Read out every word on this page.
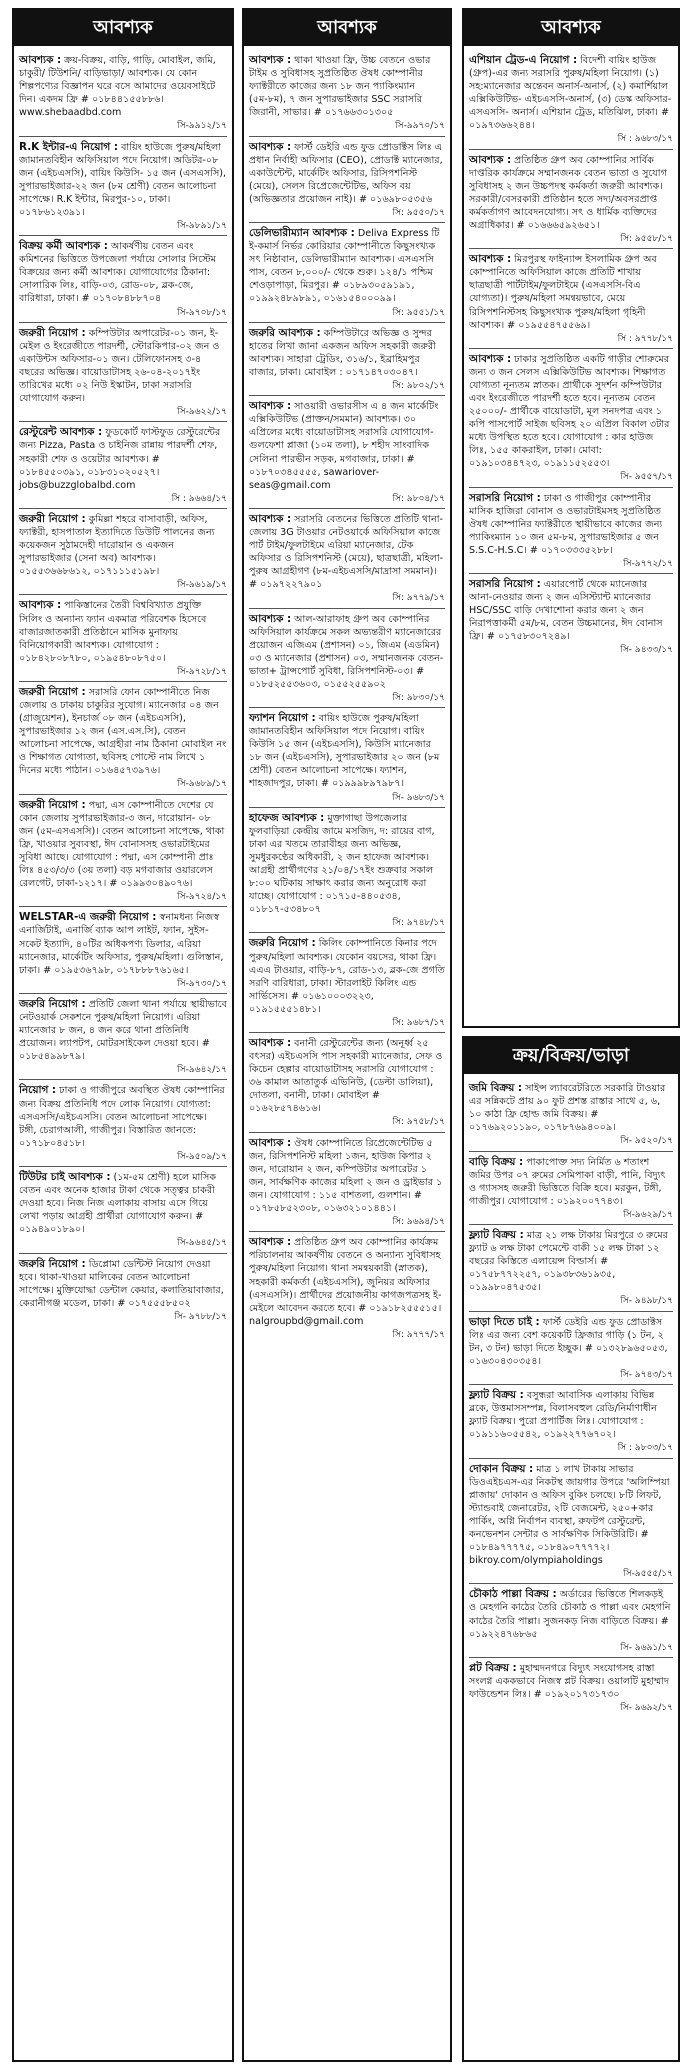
আবশ্যক
আবশ্যক : ক্রয়-বিক্রয়, বাড়ি, গাড়ি, মোবাইল, জমি, চাকুরী/ টিউশনি/ বাড়িভাড়া/ আবশ্যক। যে কোন শিল্পপণ্যের বিজ্ঞাপন ঘরে বসে আমাদের ওয়েবসাইটে দিন। একদম ফ্রি # ০১৮৪৪১৫৫৮৮৬। www.shebaadbd.com
সি-৯৯১২/১৭
R.K ইন্টার-এ নিয়োগ : বায়িং হাউজে পুরুষ/মহিলা জামানতবিহীন অফিসিয়াল পদে নিয়োগ। অডিটর-০৮ জন (এইচএসসি), বায়িং কিউসি- ১৫ জন (এসএসসি), সুপারভাইজার-২২ জন (৮ম শ্রেণী) বেতন আলোচনা সাপেক্ষে। R.K ইন্টার, মিরপুর-১০, ঢাকা। ০১৭৮৬১২৩৯১।
সি-৯৮৯১/১৭
বিক্রয় কর্মী আবশ্যক : আকর্ষণীয় বেতন এবং কমিশনের ভিত্তিতে উপজেলা পর্যায়ে সোলার সিস্টেম বিক্রয়ের জন্য কর্মী আবশ্যক। যোগাযোগের ঠিকানা: সোলারিক লিঃ, বাড়ি-০৩, রোড-০৮, ব্লক-জে, বারিধারা, ঢাকা। # ০১৭০৮৪৮৮৭০৪
সি-৯৭০৮/১৭
জরুরী নিয়োগ : কম্পিউটার অপারেটর-০১ জন, ই-মেইল ও ইংরেজীতে পারদর্শী, স্টোরকিপার-০২ জন ও একাউন্টস অফিসার-০১ জন। টেলিফোনসহ ৩-৪ বছরের অভিজ্ঞ। বায়োডাটাসহ ২৬-০৪-২০১৭ইং তারিখের মধ্যে ০২ নিউ ইস্কাটন, ঢাকা সরাসরি যোগাযোগ করুন।
সি-৯৬২২/১৭
রেস্টুরেন্ট আবশ্যক : ফুডকোর্ট ফাস্টফুড রেস্টুরেন্টের জন্য Pizza, Pasta ও চাইনিজ রান্নায় পারদর্শী শেফ, সহকারী শেফ ও ওয়েটার আবশ্যক। # ০১৮৪৫৫০৩৯১, ০১৮৩১০২০৫২৭। jobs@buzzglobalbd.com
সি : ৯৬৬৪/১৭
জরুরী নিয়োগ : কুমিল্লা শহরে বাসাবাড়ী, অফিস, ফ্যাক্টরী, হাসপাতাল ইত্যাদিতে ডিউটি পালনের জন্য কয়েকজন সুঠামদেহী দারোয়ান ও একজন সুপারভাইজার (সেনা অব) আবশ্যক। ০১৫৫৩৬৬৮৬১২, ০১৭১১১৫১৯৮।
সি-৯৬১৯/১৭
আবশ্যক : পাকিস্তানের তৈরী বিশ্ববিখ্যাত প্রযুক্তি সিলিং ও অন্যান্য ফ্যান একমাত্র পরিবেশক হিসেবে বাজারজাতকারী প্রতিষ্ঠানে মাসিক মুনাফায় বিনিয়োগকারী আবশ্যক। যোগাযোগ : ০১৮৪২৮০৮৭৮০, ০১৯৫৪৮০৮৭৫০।
সি-৯৭২৮/১৭
জরুরী নিয়োগ : সরাসরি ফোন কোম্পানীতে নিজ জেলায় ও ঢাকায় চাকুরির সুযোগ। ম্যানেজার ০৪ জন (গ্রাজুয়েশন), ইনচার্জ ০৮ জন (এইচএসসি), সুপারভাইজার ১২ জন (এস.এস.সি), বেতন আলোচনা সাপেক্ষে, আগ্রহীরা নাম ঠিকানা মোবাইল নং ও শিক্ষাগত যোগ্যতা, ছবিসহ পোস্টে নাম লিখে ১ দিনের মধ্যে পাঠান। ০১৬৪৫৭৩৯৭৬।
সি-৯৬৮৯/১৭
জরুরী নিয়োগ : পদ্মা, এস কোম্পানীতে দেশের যে কোন জেলায় সুপারভাইজার-৩ জন, দারোয়ান- ০৮ জন (৫ম-এসএসসি)। বেতন আলোচনা সাপেক্ষে, থাকা ফ্রি, খাওয়ার সুব্যবস্থা, ঈদ বোনাসসহ ওভারটাইমের সুবিধা আছে। যোগাযোগ : পদ্মা, এস কোম্পানী প্রাঃ লিঃ ৪৫৩/৩/৩ (৩য় তলা) বড় মগবাজার ওয়ারলেস রেলগেট, ঢাকা-১২১৭। # ০১৯৯৩০৪৯০৭৬।
সি-৯৭২৪/১৭
WELSTAR-এ জরুরী নিয়োগ : স্বনামধন্য নিজস্ব এনার্জিটাই, এনার্জি ব্যাক আপ লাইট, ফ্যান, সুইস-সকেট ইত্যাদি, ৪০টির অধিকপণ্য ডিলার, এরিয়া ম্যানেজার, মার্কেটিং অফিসার, পুরুষ/মহিলা। গুলিস্তান, ঢাকা। # ০১৯৫৩৬৭৯৮, ০১৭৮৮৮৭৬১৬৫।
সি-৯৭৩০/১৭
জরুরি নিয়োগ : প্রতিটি জেলা থানা পর্যায়ে স্থায়ীভাবে নেটওয়ার্ক সেকশনে পুরুষ/মহিলা নিয়োগ। এরিয়া ম্যানেজার ৮ জন, ৪ জন করে থানা প্রতিনিধি প্রয়োজন। ল্যাপটপ, মোটরসাইকেল দেওয়া হবে। # ০১৮৫৪৯৯৮৭৯।
সি-৯৬৪২/১৭
নিয়োগ : ঢাকা ও গাজীপুরে অবস্থিত ঔষধ কোম্পানির জন্য বিক্রয় প্রতিনিধি পদে লোক নিয়োগ। যোগ্যতা: এসএসসি/এইচএসসি। বেতন আলোচনা সাপেক্ষে। টঙ্গী, চেরাগআলী, গাজীপুর। বিস্তারিত জানতে: ০১৭১৮০৪৫১৮।
সি-৯৫০৯/১৭
টিউটর চাই আবশ্যক : (১ম-৫ম শ্রেণী) হলে মাসিক বেতন এবং অনেক হাজার টাকা থেকে সত্ত্বর চাকরী দেওয়া হবে। নিজ নিজ এলাকায় বাসায় এসে গিয়ে লেখা পড়ায় আগ্রহী প্রার্থীরা যোগাযোগ করুন। # ০১৯৪৯০১৮৯০।
সি-৯৬৪৫/১৭
জরুরি নিয়োগ : ডিপ্লোমা ডেন্টিস্ট নিয়োগ দেওয়া হবে। থাকা-খাওয়া মালিকের বেতন আলোচনা সাপেক্ষে। মুক্তিযোদ্ধা ডেন্টাল কেয়ার, কলাতিয়াবাজার, কেরানীগঞ্জ মডেল, ঢাকা। # ০১৭৫৫৫৮৫০২
সি- ৯৭৮৮/১৭
আবশ্যক
আবশ্যক : থাকা খাওয়া ফ্রি, উচ্চ বেতনে ওভার টাইম ও সুবিধাসহ সুপ্রতিষ্ঠিত ঔষধ কোম্পানীর ফ্যাক্টরীতে কাজের জন্য ১৮ জন প্যাকিংম্যান (৫ম-৮ম), ৭ জন সুপারভাইজার SSC সরাসরি জিরানী, সাভার। # ০১৭৬৬৩০১৩০৫
সি-৯৯৭০/১৭
আবশ্যক : ফার্স্ট ডেইরি এন্ড ফুড প্রোডাক্টস লিঃ এ প্রধান নির্বাহী অফিসার (CEO), প্রোডাক্ট ম্যানেজার, একাউন্টেন্ট, মার্কেটিং অফিসার, রিসিপশনিস্ট (মেয়ে), সেলস রিপ্রেজেন্টেটিভ, অফিস বয় (অভিজ্ঞতার প্রয়োজন নাই)। # ০১৬৯৮০৫৩৫৬
সি: ৯৫৫০/১৭
ডেলিভারীম্যান আবশ্যক : Deliva Express টি ই-কমার্স নির্ভর কোরিয়ার কোম্পানীতে কিছুসংখ্যক সৎ নিষ্ঠাবান, ডেলিভারীম্যান আবশ্যক। এসএসসি পাস, বেতন ৮,০০০/- থেকে শুরু। ১২৪/১ পশ্চিম শেওড়াপাড়া, মিরপুর। # ০১৮৯৩০৫৯১৯১, ০১৯৯২৪৮৯৮৯১, ০১৬১৫৪০০০৯৯।
সি: ৯৫৫১/১৭
জরুরি আবশ্যক : কম্পিউটারে অভিজ্ঞ ও সুন্দর হাতের লিখা জানা একজন অফিস সহকারী জরুরী আবশ্যক। সাহারা ট্রেডিং, ৩১৬/১, ইব্রাহিমপুর বাজার, ঢাকা। মোবাইল : ০১৭১৪৭০৩০৪৭।
সি: ৯৮০২/১৭
আবশ্যক : সাওয়ারী ওভারসীস এ ৪ জন মার্কেটিং এক্সিকিউটিভ (প্রাক্তন/সমমান) আবশ্যক। ৩০ এপ্রিলের মধ্যে বায়োডাটাসহ সরাসরি যোগাযোগ-গুলফেশা প্লাজা (১০ম তলা), ৮ শহীদ সাংবাদিক সেলিনা পারভীন সড়ক, মগবাজার, ঢাকা। # ০১৮৭০৩৪৫৫৫৫, sawariover-seas@gmail.com
সি: ৯৮০৪/১৭
আবশ্যক : সরাসরি বেতনের ভিত্তিতে প্রতিটি থানা-জেলায় 3G টাওয়ার নেটওয়ার্কে অফিসিয়াল কাজে পার্ট টাইম/ফুলটাইমে এরিয়া ম্যানেজার, টেক অফিসার ও রিসিপশনিস্ট (মেয়ে), ছাত্রছাত্রী, মহিলা-পুরুষ আগ্রহীগণ (৮ম-এইচএসসি/মাদ্রাসা সমমান)। # ০১৯৭২২৭৯০১
সি: ৯৭৭৯/১৭
আবশ্যক : আল-আরাফাহ গ্রুপ অব কোম্পানির অফিসিয়াল কার্যক্রমে সকল অভ্যন্তরীণ ম্যানেজারের প্রয়োজন এজিএম (প্রশাসন) ০১, জিএম (এডমিন) ০৩ ও ম্যানেজার (প্রশাসন) ০৩, সম্মানজনক বেতন-ভাতা+ ট্রান্সপোর্ট সুবিধা, রিসিপশনিস্ট-০৩। # ০১৮৫২৫৫৩৬০৩, ০১৫৫২৫৫৯০২
সি: ৯৮৩০/১৭
ফ্যাশন নিয়োগ : বায়িং হাউজে পুরুষ/মহিলা জামানতবিহীন অফিসিয়াল পদে নিয়োগ। বায়িং কিউসি ১৫ জন (এইচএসসি), কিউসি ম্যানেজার ১৮ জন (এইচএসসি), সুপারভাইজার ২০ জন (৮ম শ্রেণী) বেতন আলোচনা সাপেক্ষে। ফ্যাশন, শাহজাদপুর, ঢাকা। # ০১৯৯৯৮৯৭৯৮৭।
সি- ৯৬৮৩/১৭
হাফেজ আবশ্যক : মুক্তাগাছা উপজেলার ফুলবাড়িয়া কেন্দ্রীয় জামে মসজিদ, দ: রায়ের বাগ, ঢাকা এর খতমে তারাবীহর জন্য অভিজ্ঞ, সুমধুরকণ্ঠের অধিকারী, ২ জন হাফেজ আবশ্যক। আগ্রহী প্রার্থীগণের ২১/০৪/১৭ইং শুক্রবার সকাল ৮:০০ ঘটিকায় সাক্ষাৎ করার জন্য অনুরোধ করা যাচ্ছে। যোগাযোগ : ০১৭১৫-৪৪০৫৩৪, ০১৮১৭-৫৩৪৮০৭
সি: ৯৭৪৮/১৭
জরুরি নিয়োগ : কিলিং কোম্পানিতে কিনার পদে পুরুষ/মহিলা আবশ্যক। যেকোন বয়সের, থাকা ফ্রি। এএএ টাওয়ার, বাড়ি-৮৭, রোড-১৩, ব্লক-জে প্রগতি সরণি বারিধারা, ঢাকা। স্টারলাইট কিলিং এন্ড সার্ভিসেস। # ০১৬১০০০৩২২৩, ০১৯১৫৫৫১৪৮১।
সি: ৯৬৮৭/১৭
আবশ্যক : বনানী রেস্টুরেন্টের জন্য (অনূর্ধ্ব ২৫ বৎসর) এইচএসসি পাস সহকারী ম্যানেজার, সেফ ও কিচেন হেল্পার বায়োডাটাসহ সরাসরি যোগাযোগ : ৩৬ কামাল আতাতুর্ক এভিনিউ, (ডেল্টা ডালিয়া), দোতলা, বনানী, ঢাকা। মোবাইল # ০১৬২৮৫৭৪৬১৬।
সি: ৯৭৫৮/১৭
আবশ্যক : ঔষধ কোম্পানিতে রিপ্রেজেন্টেটিভ ৫ জন, রিসিপশনিস্ট মহিলা ১জন, হাউজ কিপার ২ জন, দারোয়ান ২ জন, কম্পিউটার অপারেটর ১ জন, সার্বক্ষণিক কাজের মহিলা ২ জন ও ড্রাইভার ১ জন। যোগাযোগ : ১১৫ বাশতলা, গুলশান। # ০১৭৮৫৮৫২৩০৮, ০১৬৩২১০১৪৪১।
সি: ৯৬৯৪/১৭
আবশ্যক : প্রতিষ্ঠিত গ্রুপ অব কোম্পানির কার্যক্রম পরিচালনায় আকর্ষণীয় বেতনে ও অন্যান্য সুবিধাসহ পুরুষ/মহিলা নিয়োগ। থানা সমন্বয়কারী (স্নাতক), সহকারী কর্মকর্তা (এইচএসসি), জুনিয়র অফিসার (এসএসসি)। প্রার্থীদের প্রয়োজনীয় কাগজপত্রসহ ই-মেইলে আবেদন করতে হবে। # ০১৯১৮২৫৫৫১৫। nalgroupbd@gmail.com
সি: ৯৭৭৭/১৭
আবশ্যক
এশিয়ান ট্রেড-এ নিয়োগ : বিদেশী বায়িং হাউজ (গ্রুপ)-এর জন্য সরাসরি পুরুষ/মহিলা নিয়োগ। (১) সহ:ম্যানেজার অন্তেবন অনার্স-অনার্স, (২) কমার্শিয়াল এক্সিকিউটিভ- এইচএসসি-অনার্স, (৩) ডেস্ক অফিসার-এসএসসি- অনার্স। এশিয়ান ট্রেড, মতিঝিল, ঢাকা। # ০১৯৭৩৬৬২৪৪।
সি : ৯৬৮৩/১৭
আবশ্যক : প্রতিষ্ঠিত গ্রুপ অব কোম্পানির সার্বিক দাপ্তরিক কার্যক্রমে সম্মানজনক বেতন ভাতা ও সুযোগ সুবিধাসহ ২ জন উচ্চপদস্থ কর্মকর্তা জরুরী আবশ্যক। সরকারী/বেসরকারী প্রতিষ্ঠান হতে সদ্য/অবসরপ্রাপ্ত কর্মকর্তাগণ আবেদনযোগ্য। সৎ ও ধার্মিক ব্যক্তিদের অগ্রাধিকার। # ০১৬৬৬৫৯২৬৫১।
সি: ৯৫৫৮/১৭
আবশ্যক : মিরপুরস্থ ফাইন্যান্স ইসলামিক গ্রুপ অব কোম্পানিতে অফিসিয়াল কাজে প্রতিটি শাখায় ছাত্রছাত্রী পার্টটাইম/ফুলটাইমে (এসএসসি-বিএ যোগ্যতা)। পুরুষ/মহিলা সমন্বয়ভাবে, মেয়ে রিসিপশনিস্টসহ কিছুসংখ্যক পুরুষ/মহিলা গৃহিনী আবশ্যক। # ০১৯৫৫৪৭৫৫৬৯।
সি : ৯৭৭৮/১৭
আবশ্যক : ঢাকার সুপ্রতিষ্ঠিত একটি গাড়ীর শোরুমের জন্য ৩ জন সেলস এক্সিকিউটিভ আবশ্যক। শিক্ষাগত যোগ্যতা নূন্যতম স্নাতক। প্রার্থীকে সুদর্শন কম্পিউটার এবং ইংরেজীতে পারদর্শী হতে হবে। নূন্যতম বেতন ২৫০০০/- প্রার্থীকে বায়োডাটা, মূল সনদপত্র এবং ১ কপি পাসপোর্ট সাইজ ছবিসহ ২০ এপ্রিল বিকাল ৩টার মধ্যে উপস্থিত হতে হবে। যোগাযোগ : কার হাউজ লিঃ, ১৫৫ কাকরাইল, ঢাকা। মোবা: ০১৯১০৩৪৪৭২৩, ০১৯১১৫২৫৫৩।
সি- ৯৫৫৭/১৭
সরাসরি নিয়োগ : ঢাকা ও গাজীপুর কোম্পানীর মাসিক হাজিরা বোনাস ও ওভারটাইমসহ সুপ্রতিষ্ঠিত ঔষধ কোম্পানির ফ্যাক্টরীতে স্থায়ীভাবে কাজের জন্য প্যাকিংম্যান ১০ জন ৫ম-৮ম, সুপারভাইজার ৫ জন S.S.C-H.S.C। # ০১৭০৩৩৩৫২৮৮।
সি-৯৭৭২/১৭
সরাসরি নিয়োগ : এয়ারপোর্ট থেকে ম্যানেজার আনা-নেওয়ার জন্য ২ জন এসিস্ট্যান্ট ম্যানেজার HSC/SSC বাড়ি দেখাশোনা করার জন্য ২ জন নিরাপত্তাকর্মী ৫ম/৮ম, বেতন উচ্চমানের, ঈদ বোনাস ফ্রি। # ০১৭৫৮৩০৭২৪৯।
সি- ৯৪৩৩/১৭
ক্রয়/বিক্রয়/ভাড়া
জমি বিক্রয় : সাইন্স ল্যাবরেটরিতে সরকারি টাওয়ার এর সন্নিকটে প্রায় ৯০ ফুট প্রশস্ত রাস্তার সাথে ৫, ৬, ১০ কাঠা ফ্রি হোল্ড জমি বিক্রয়। # ০১৭৬৯২০১১৯০, ০১৭৮৭৬৯৪০০৯।
সি- ৯৫২০/১৭
বাড়ি বিক্রয় : পাকাপোক্ত সদ্য নির্মিত ৬ শতাংশ জমির উপর ০৭ রুমের সেমিপাকা বাড়ী, পানি, বিদ্যুৎ ও গ্যাসসহ জরুরী ভিত্তিতে বিক্রি হবে। মরকুন, টঙ্গী, গাজীপুর। যোগাযোগ : ০১৯২০০৭৭৪৩।
সি-৯৬২৯/১৭
ফ্ল্যাট বিক্রয় : মাত্র ২১ লক্ষ টাকায় মিরপুরে ৩ রুমের ফ্ল্যাট ৬ লক্ষ টাকা পেমেন্টে বাকী ১৫ লক্ষ টাকা ১২ বছরের কিস্তিতে এলায়েন্স বিল্ডার্স। # ০১৭৫৮৭৭২২৫৭, ০১৯৩৮৩৬১৯৩৫, ০১৯৯৮০৪৭৫৩৫।
সি- ৯৪৯৮/১৭
ভাড়া দিতে চাই : ফার্স্ট ডেইরি এন্ড ফুড প্রোডাক্টস লিঃ এর জন্য বেশ কয়েকটি ফ্রিজার গাড়ি (১ টন, ২ টন, ৩ টন) ভাড়া দিতে ইচ্ছুক। # ০১৩২৮৯৬৫০৫৩, ০১৬৩০৪৩০৩৫৪।
সি- ৯৭৪৩/১৭
ফ্ল্যাট বিক্রয় : বসুন্ধরা আবাসিক এলাকায় বিভিন্ন ব্লকে, উত্তমাসসম্পন্ন, বিলাসবহুল রেডি/নির্মাণাধীন ফ্ল্যাট বিক্রয়। পুরো প্রপার্টিজ লিঃ। যোগাযোগ : ০১৯১১৬০৫৫৪২, ০১৯২২৭৭৬৭০২।
সি : ৯৮০৩/১৭
দোকান বিক্রয় : মাত্র ১ লাখ টাকায় সাভার ডিওএইচএস-এর নিকটস্থ জায়গার উপরে 'অলিম্পিয়া প্লাজায়' দোকান ও অফিস বুকিং চলছে। ৮টি লিফট, স্ট্যান্ডবাই জেনারেটর, ২টি বেজমেন্ট, ২৫০+কার পার্কিং, অগ্নি নির্বাপন ব্যবস্থা, রুফটপ রেস্টুরেন্ট, কনভেনশন সেন্টার ও সার্বক্ষণিক সিকিউরিটি। # ০১৮৪৯৭৭৭৭৫, ০১৮৪৯০৭৭৭৭২। bikroy.com/olympiaholdings
সি-৯৫৫৫/১৭
চৌকাঠ পাল্লা বিক্রয় : অর্ডারের ভিত্তিতে শিলকড়ই ও মেহগনি কাঠের তৈরি চৌকাঠ ও পাল্লা এবং মেহগনি কাঠের তৈরি পাল্লা। সুজনকড় নিজ বাড়িতে বিক্রয়। # ০১৯২২৪৭৬৮৬৫
সি- ৯৬৯১/১৭
প্লট বিক্রয় : মুহাম্মদনগরে বিদ্যুৎ সংযোগসহ রাস্তা সংলগ্ন এককভাবে নিজস্ব প্লট বিক্রয়। ওয়ালটি মুহাম্মাদ ফাউন্ডেশন লিঃ। # ০১৯২০১৭৩১৭৩০
সি- ৯৬৯২/১৭
